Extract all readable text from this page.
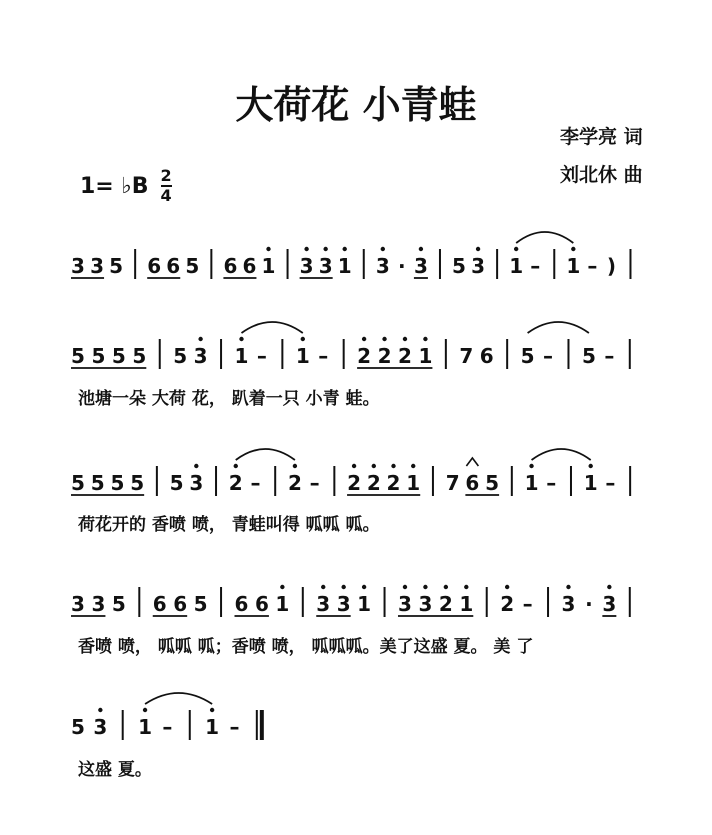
大荷花 小青蛙
李学亮 词
刘北休 曲
1= ♭B 2
4
3 3 5 6 6 5 6 6 1 3 3 1 3 · 3 5 3 1 – 1 – )
5 5 5 5 5 3 1 – 1 – 2 2 2 1 7 6 5 – 5 –
5 5 5 5 5 3 2 – 2 – 2 2 2 1 7 6 5 1 – 1 –
3 3 5 6 6 5 6 6 1 3 3 1 3 3 2 1 2 – 3 · 3
5 3 1 – 1 –
池塘一朵 大荷 花， 趴着一只 小青 蛙。
荷花开的 香喷 喷， 青蛙叫得 呱呱 呱。
香喷 喷， 呱呱 呱；香喷 喷， 呱呱呱。美了这盛 夏。 美 了
这盛 夏。
